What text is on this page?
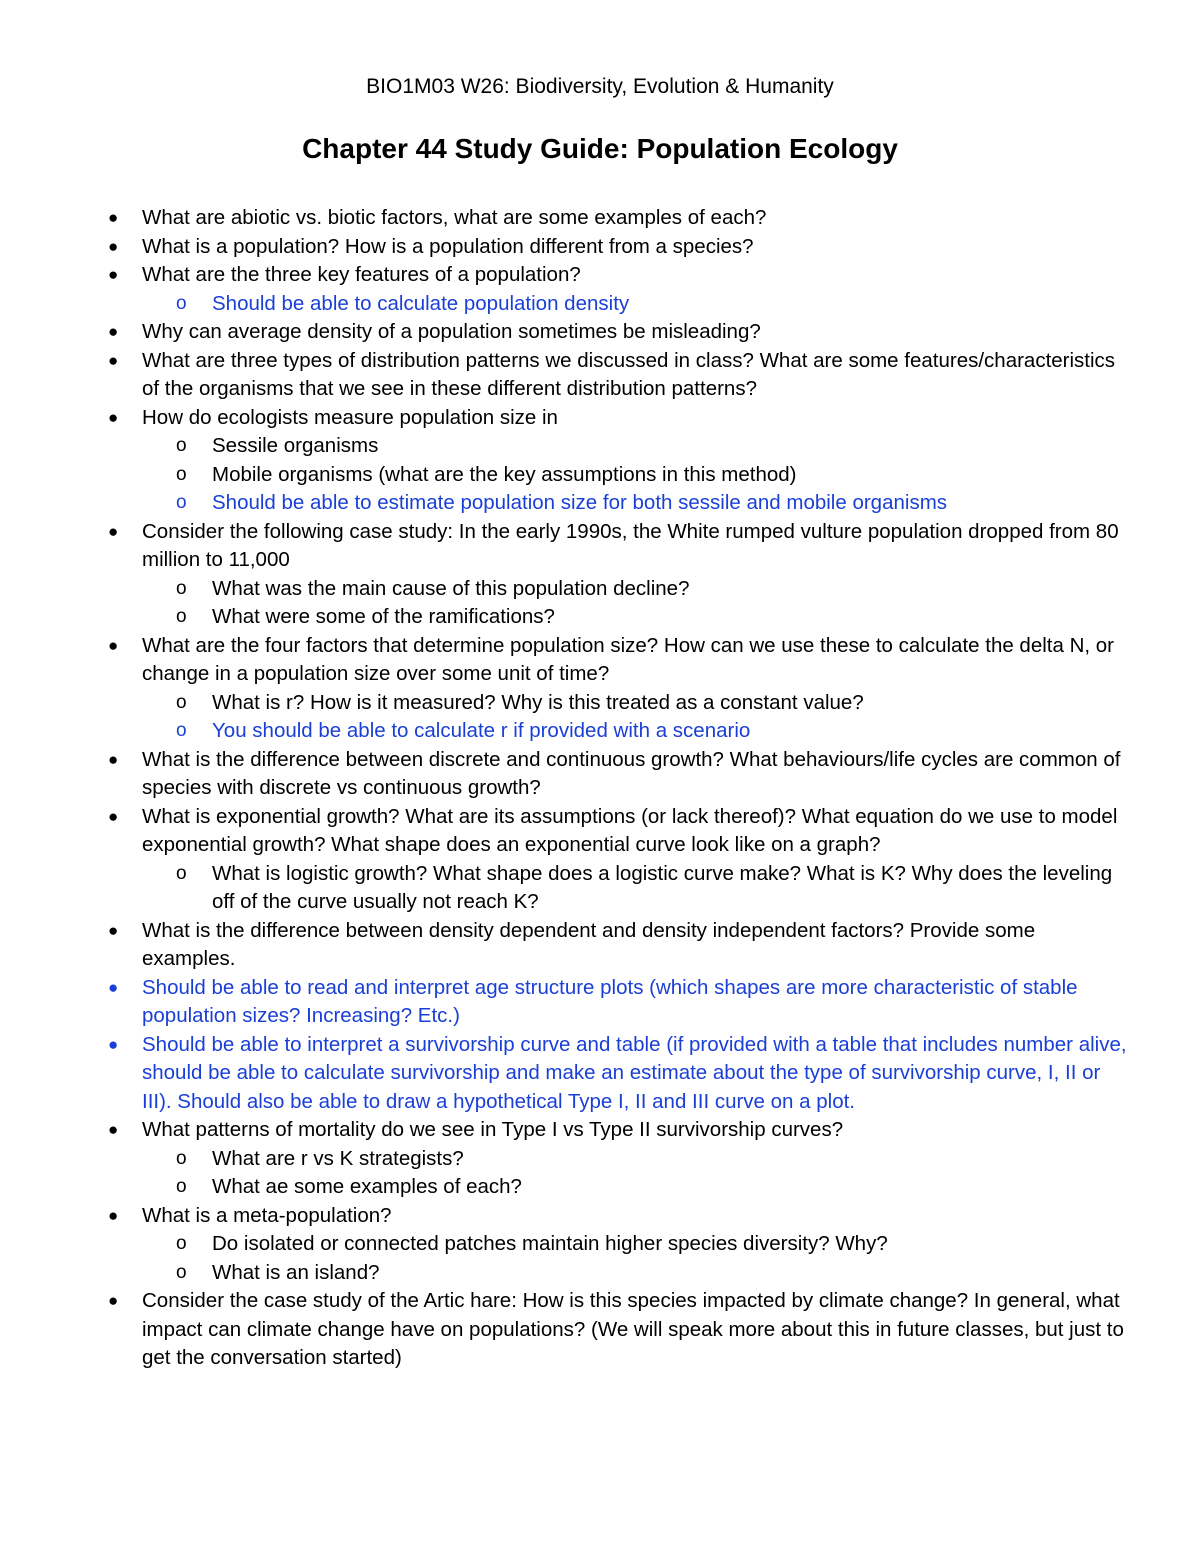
BIO1M03 W26: Biodiversity, Evolution & Humanity
Chapter 44 Study Guide: Population Ecology
● What are abiotic vs. biotic factors, what are some examples of each?
● What is a population? How is a population different from a species?
● What are the three key features of a population?
o Should be able to calculate population density
● Why can average density of a population sometimes be misleading?
● What are three types of distribution patterns we discussed in class? What are some features/characteristics of the organisms that we see in these different distribution patterns?
● How do ecologists measure population size in
o Sessile organisms
o Mobile organisms (what are the key assumptions in this method)
o Should be able to estimate population size for both sessile and mobile organisms
● Consider the following case study: In the early 1990s, the White rumped vulture population dropped from 80 million to 11,000
o What was the main cause of this population decline?
o What were some of the ramifications?
● What are the four factors that determine population size? How can we use these to calculate the delta N, or change in a population size over some unit of time?
o What is r? How is it measured? Why is this treated as a constant value?
o You should be able to calculate r if provided with a scenario
● What is the difference between discrete and continuous growth? What behaviours/life cycles are common of species with discrete vs continuous growth?
● What is exponential growth? What are its assumptions (or lack thereof)? What equation do we use to model exponential growth? What shape does an exponential curve look like on a graph?
o What is logistic growth? What shape does a logistic curve make? What is K? Why does the leveling off of the curve usually not reach K?
● What is the difference between density dependent and density independent factors? Provide some examples.
● Should be able to read and interpret age structure plots (which shapes are more characteristic of stable population sizes? Increasing? Etc.)
● Should be able to interpret a survivorship curve and table (if provided with a table that includes number alive, should be able to calculate survivorship and make an estimate about the type of survivorship curve, I, II or III). Should also be able to draw a hypothetical Type I, II and III curve on a plot.
● What patterns of mortality do we see in Type I vs Type II survivorship curves?
o What are r vs K strategists?
o What ae some examples of each?
● What is a meta-population?
o Do isolated or connected patches maintain higher species diversity? Why?
o What is an island?
● Consider the case study of the Artic hare: How is this species impacted by climate change? In general, what impact can climate change have on populations? (We will speak more about this in future classes, but just to get the conversation started)
